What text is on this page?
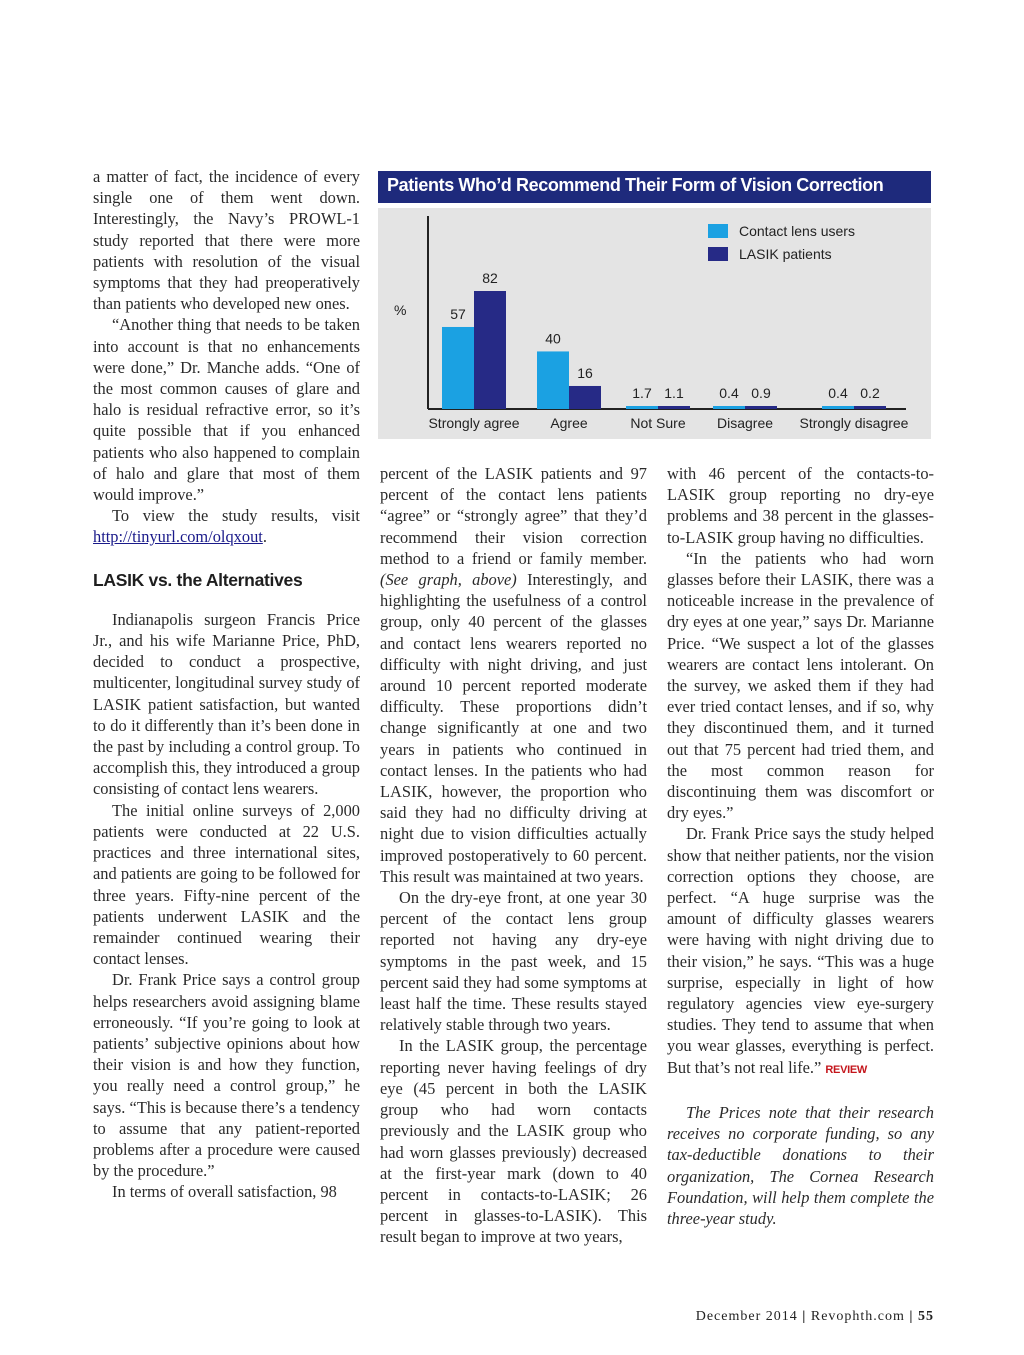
a matter of fact, the incidence of every single one of them went down. Interestingly, the Navy’s PROWL-1 study reported that there were more patients with resolution of the visual symptoms that they had preoperatively than patients who developed new ones.

“Another thing that needs to be taken into account is that no enhancements were done,” Dr. Manche adds. “One of the most common causes of glare and halo is residual refractive error, so it’s quite possible that if you enhanced patients who also happened to complain of halo and glare that most of them would improve.”

To view the study results, visit http://tinyurl.com/olqxout.

LASIK vs. the Alternatives

Indianapolis surgeon Francis Price Jr., and his wife Marianne Price, PhD, decided to conduct a prospective, multicenter, longitudinal survey study of LASIK patient satisfaction, but wanted to do it differently than it’s been done in the past by including a control group. To accomplish this, they introduced a group consisting of contact lens wearers.

The initial online surveys of 2,000 patients were conducted at 22 U.S. practices and three international sites, and patients are going to be followed for three years. Fifty-nine percent of the patients underwent LASIK and the remainder continued wearing their contact lenses.

Dr. Frank Price says a control group helps researchers avoid assigning blame erroneously. “If you’re going to look at patients’ subjective opinions about how their vision is and how they function, you really need a control group,” he says. “This is because there’s a tendency to assume that any patient-reported problems after a procedure were caused by the procedure.”

In terms of overall satisfaction, 98

Patients Who’d Recommend Their Form of Vision Correction
%	57
82
Strongly agree
40
16
Agree
1.7 1.1
Not Sure
0.4 0.9
Disagree
0.4 0.2
Strongly disagree
Contact lens users
LASIK patients

percent of the LASIK patients and 97 percent of the contact lens patients “agree” or “strongly agree” that they’d recommend their vision correction method to a friend or family member. (See graph, above) Interestingly, and highlighting the usefulness of a control group, only 40 percent of the glasses and contact lens wearers reported no difficulty with night driving, and just around 10 percent reported moderate difficulty. These proportions didn’t change significantly at one and two years in patients who continued in contact lenses. In the patients who had LASIK, however, the proportion who said they had no difficulty driving at night due to vision difficulties actually improved postoperatively to 60 percent. This result was maintained at two years.

On the dry-eye front, at one year 30 percent of the contact lens group reported not having any dry-eye symptoms in the past week, and 15 percent said they had some symptoms at least half the time. These results stayed relatively stable through two years.

In the LASIK group, the percentage reporting never having feelings of dry eye (45 percent in both the LASIK group who had worn contacts previously and the LASIK group who had worn glasses previously) decreased at the first-year mark (down to 40 percent in contacts-to-LASIK; 26 percent in glasses-to-LASIK). This result began to improve at two years,

with 46 percent of the contacts-to-LASIK group reporting no dry-eye problems and 38 percent in the glasses-to-LASIK group having no difficulties.

“In the patients who had worn glasses before their LASIK, there was a noticeable increase in the prevalence of dry eyes at one year,” says Dr. Marianne Price. “We suspect a lot of the glasses wearers are contact lens intolerant. On the survey, we asked them if they had ever tried contact lenses, and if so, why they discontinued them, and it turned out that 75 percent had tried them, and the most common reason for discontinuing them was discomfort or dry eyes.”

Dr. Frank Price says the study helped show that neither patients, nor the vision correction options they choose, are perfect. “A huge surprise was the amount of difficulty glasses wearers were having with night driving due to their vision,” he says. “This was a huge surprise, especially in light of how regulatory agencies view eye-surgery studies. They tend to assume that when you wear glasses, everything is perfect. But that’s not real life.” REVIEW

The Prices note that their research receives no corporate funding, so any tax-deductible donations to their organization, The Cornea Research Foundation, will help them complete the three-year study.

December 2014 | Revophth.com | 55
